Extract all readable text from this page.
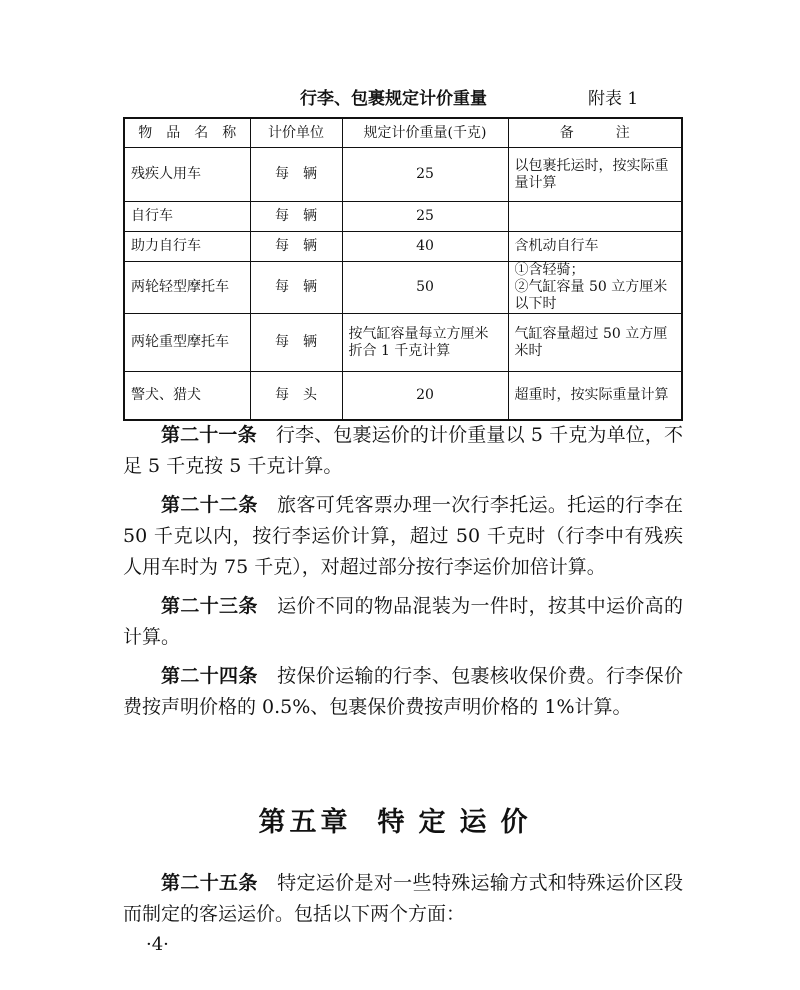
行李、包裹规定计价重量	附表 1
物　品　名　称	计价单位	规定计价重量(千克)	备　　　注
残疾人用车	每　辆	25	以包裹托运时，按实际重量计算
自行车	每　辆	25	
助力自行车	每　辆	40	含机动自行车
两轮轻型摩托车	每　辆	50	①含轻骑；
②气缸容量 50 立方厘米以下时

两轮重型摩托车	每　辆	按气缸容量每立方厘米折合 1 千克计算	气缸容量超过 50 立方厘米时
警犬、猎犬	每　头	20	超重时，按实际重量计算

第二十一条　 行李、包裹运价的计价重量以 5 千克为单位，不足 5 千克按 5 千克计算。

第二十二条　 旅客可凭客票办理一次行李托运。托运的行李在 50 千克以内，按行李运价计算，超过 50 千克时（行李中有残疾人用车时为 75 千克），对超过部分按行李运价加倍计算。

第二十三条　 运价不同的物品混装为一件时，按其中运价高的计算。

第二十四条　 按保价运输的行李、包裹核收保价费。行李保价费按声明价格的 0.5%、包裹保价费按声明价格的 1%计算。

第五章 特定运价

第二十五条　 特定运价是对一些特殊运输方式和特殊运价区段而制定的客运运价。包括以下两个方面：

·4·
